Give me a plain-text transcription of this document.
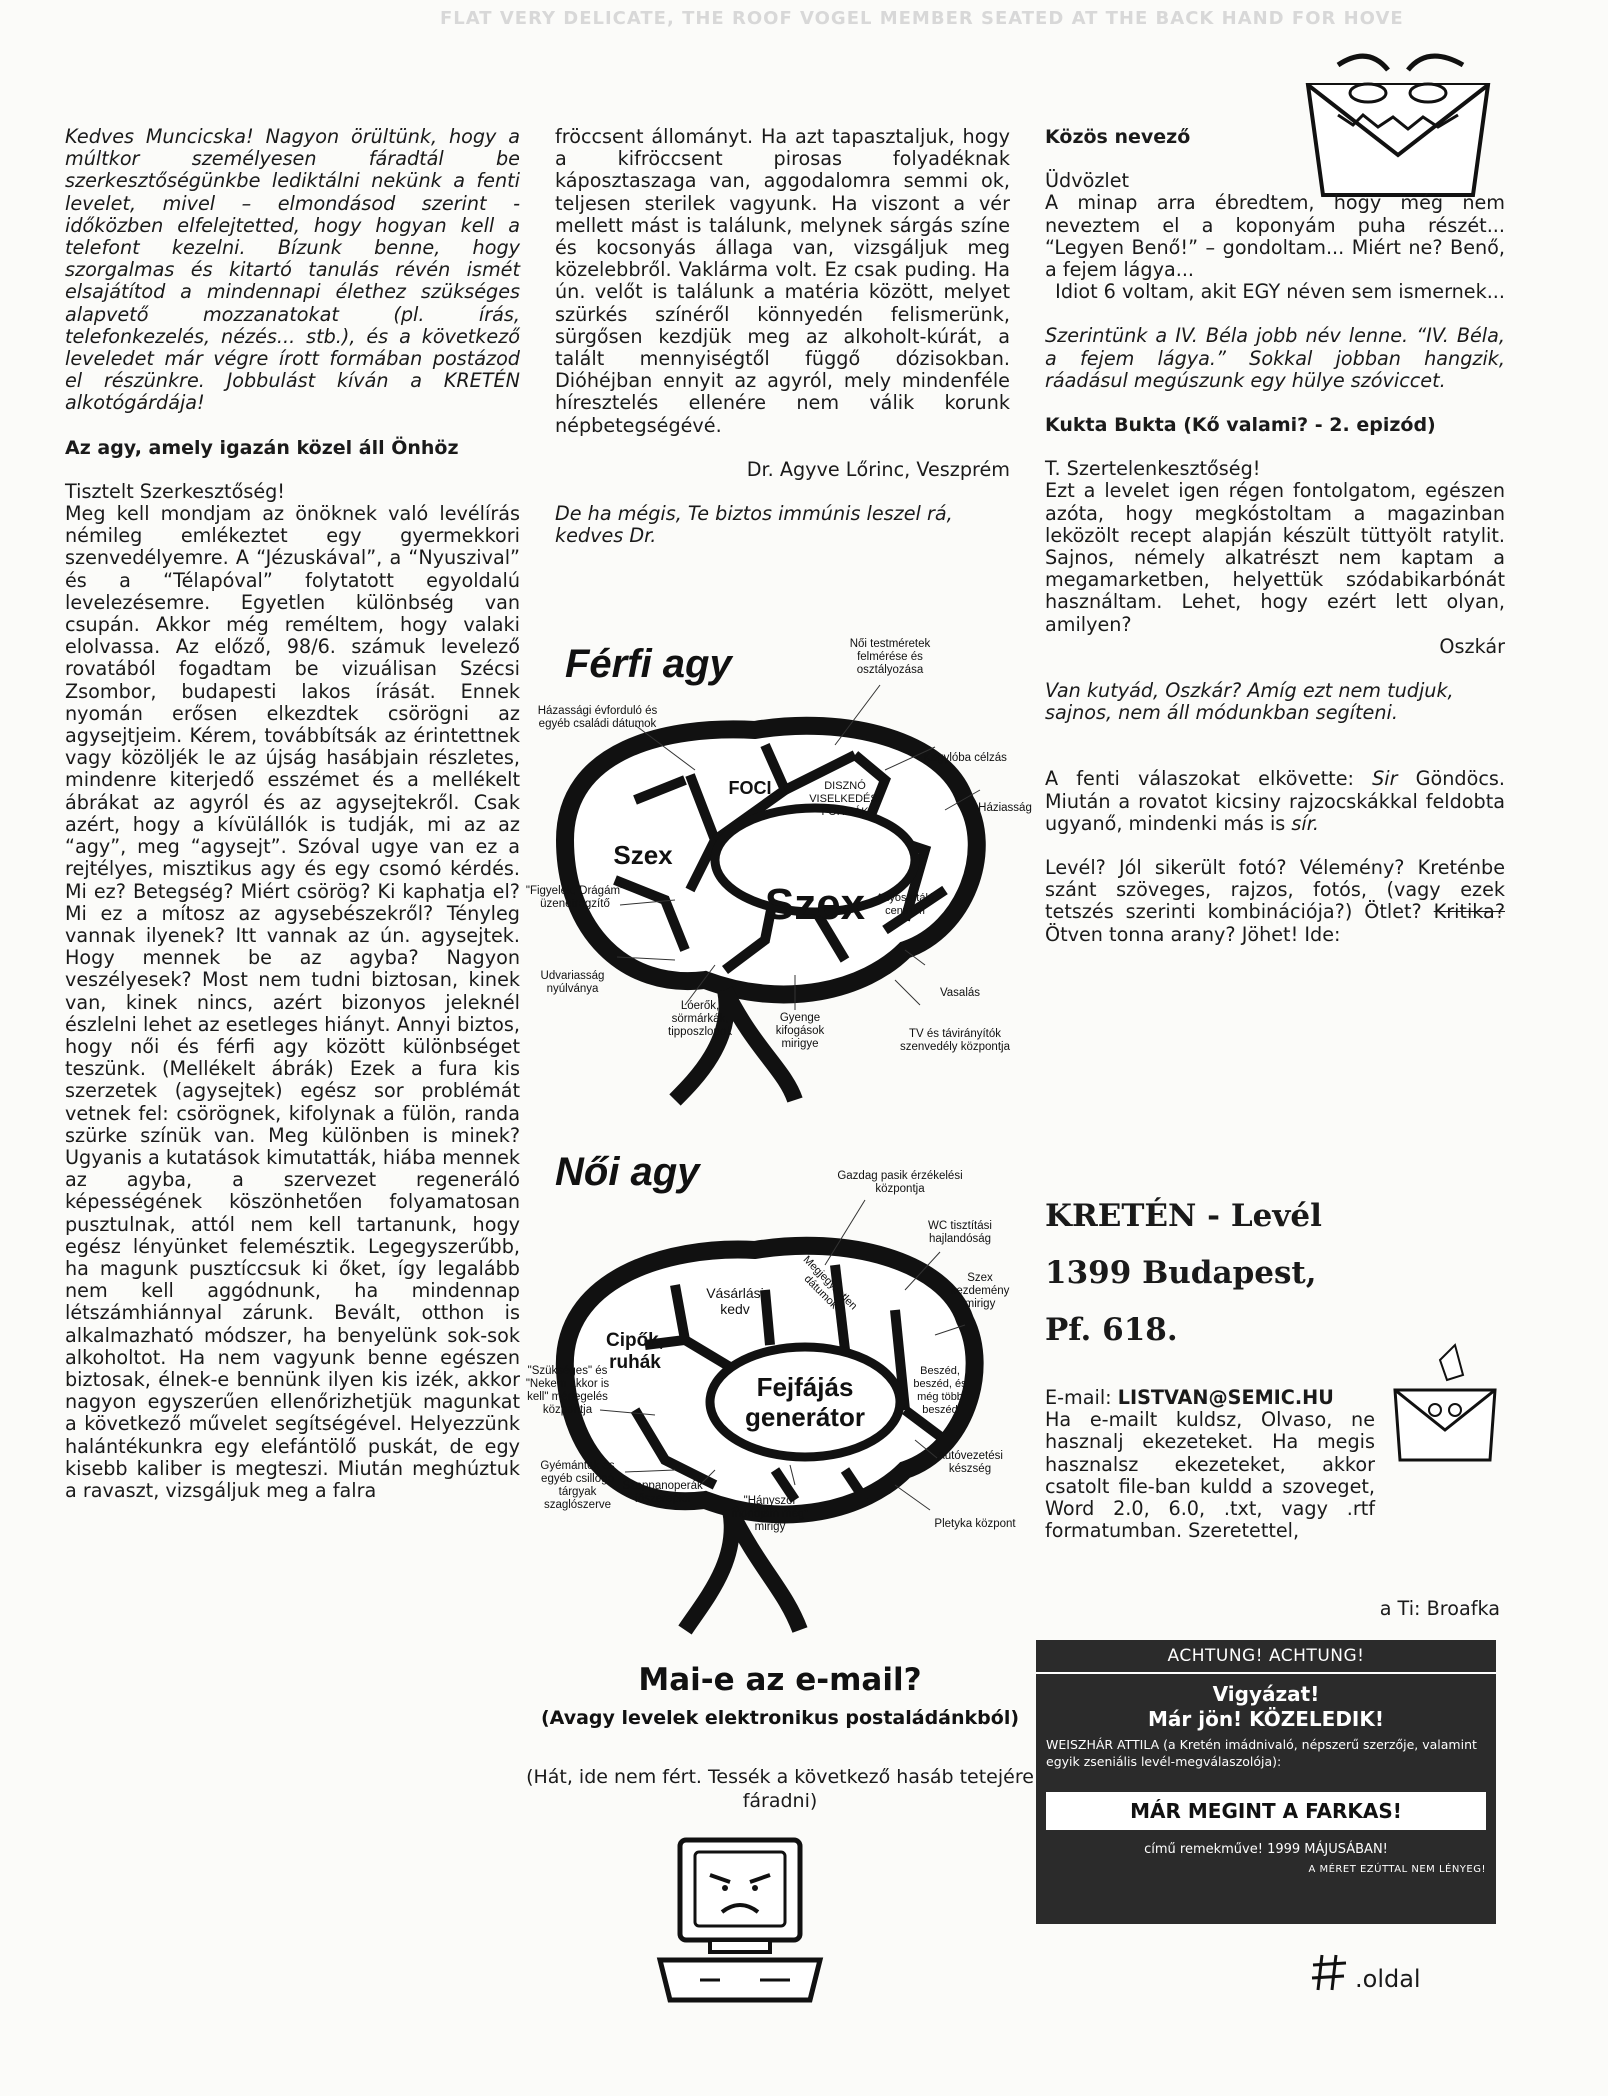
FLAT VERY DELICATE, THE ROOF VOGEL MEMBER SEATED AT THE BACK HAND FOR HOVE

Kedves Muncicska! Nagyon örültünk, hogy a múltkor személyesen fáradtál be szerkesztőségünkbe lediktálni nekünk a fenti levelet, mivel – elmondásod szerint - időközben elfelejtetted, hogy hogyan kell a telefont kezelni. Bízunk benne, hogy szorgalmas és kitartó tanulás révén ismét elsajátítod a mindennapi élethez szükséges alapvető mozzanatokat (pl. írás, telefonkezelés, nézés... stb.), és a következő leveledet már végre írott formában postázod el részünkre. Jobbulást kíván a KRETÉN alkotógárdája!

Az agy, amely igazán közel áll Önhöz

Tisztelt Szerkesztőség!

Meg kell mondjam az önöknek való levélírás némileg emlékeztet egy gyermekkori szenvedélyemre. A “Jézuskával”, a “Nyuszival” és a “Télapóval” folytatott egyoldalú levelezésemre. Egyetlen különbség van csupán. Akkor még reméltem, hogy valaki elolvassa. Az előző, 98/6. számuk levelező rovatából fogadtam be vizuálisan Szécsi Zsombor, budapesti lakos írását. Ennek nyomán erősen elkezdtek csörögni az agysejtjeim. Kérem, továbbítsák az érintettnek vagy közöljék le az újság hasábjain részletes, mindenre kiterjedő esszémet és a mellékelt ábrákat az agyról és az agysejtekről. Csak azért, hogy a kívülállók is tudják, mi az az “agy”, meg “agysejt”. Szóval ugye van ez a rejtélyes, misztikus agy és egy csomó kérdés. Mi ez? Betegség? Miért csörög? Ki kaphatja el? Mi ez a mítosz az agysebészekről? Tényleg vannak ilyenek? Itt vannak az ún. agysejtek. Hogy mennek be az agyba? Nagyon veszélyesek? Most nem tudni biztosan, kinek van, kinek nincs, azért bizonyos jeleknél észlelni lehet az esetleges hiányt. Annyi biztos, hogy női és férfi agy között különbséget teszünk. (Mellékelt ábrák) Ezek a fura kis szerzetek (agysejtek) egész sor problémát vetnek fel: csörögnek, kifolynak a fülön, randa szürke színük van. Meg különben is minek? Ugyanis a kutatások kimutatták, hiába mennek az agyba, a szervezet regeneráló képességének köszönhetően folyamatosan pusztulnak, attól nem kell tartanunk, hogy egész lényünket felemésztik. Legegyszerűbb, ha magunk pusztíccsuk ki őket, így legalább nem kell aggódnunk, ha mindennap létszámhiánnyal zárunk. Bevált, otthon is alkalmazható módszer, ha benyelünk sok-sok alkoholtot. Ha nem vagyunk benne egészen biztosak, élnek-e bennünk ilyen kis izék, akkor nagyon egyszerűen ellenőrizhetjük magunkat a következő művelet segítségével. Helyezzünk halántékunkra egy elefántölő puskát, de egy kisebb kaliber is megteszi. Miután meghúztuk a ravaszt, vizsgáljuk meg a falra

fröccsent állományt. Ha azt tapasztaljuk, hogy a kifröccsent pirosas folyadéknak káposztaszaga van, aggodalomra semmi ok, teljesen sterilek vagyunk. Ha viszont a vér mellett mást is találunk, melynek sárgás színe és kocsonyás állaga van, vizsgáljuk meg közelebbről. Vaklárma volt. Ez csak puding. Ha ún. velőt is találunk a matéria között, melyet szürkés színéről könnyedén felismerünk, sürgősen kezdjük meg az alkoholt-kúrát, a talált mennyiségtől függő dózisokban. Dióhéjban ennyit az agyról, mely mindenféle híresztelés ellenére nem válik korunk népbetegségévé.

Dr. Agyve Lőrinc, Veszprém

De ha mégis, Te biztos immúnis leszel rá, kedves Dr.

Férfi agy
FOCI	DISZNÓ VISELKEDÉSI FORMÁK
Szex
Szex Anyós-utáló centrum
Házassági évforduló és egyéb családi dátumok
Női testméretek felmérése és osztályozása
Kagylóba célzás
Háziasság
"Figyelek, Drágám" üzenetrogzítő
Udvariasság nyúlványa
Lóerők, sörmárkák, tipposzlopok
Gyenge kifogások mirigye
Vasalás
TV és távirányítók szenvedély központja
Női agy
Vásárlási kedv	Megjegyzetlen dátumok
Cipők, ruhák
Fejfájás generátor
Beszéd, beszéd, és még több beszéd
Gazdag pasik érzékelési központja
WC tisztítási hajlandóság
Szex kezdemény mirigy
"Szükséges" és "Nekem akkor is kell" mérlegelés központja
Gyémántok és egyéb csillogó tárgyak szaglószerve
Szappanoperák főszereplői	"Hányszor mondjam még" mirigy
Autóvezetési készség
Pletyka központ
Mai-e az e-mail?
(Avagy levelek elektronikus postaládánkból)
(Hát, ide nem fért. Tessék a következő hasáb tetejére fáradni)

Közös nevező

Üdvözlet

A minap arra ébredtem, hogy még nem neveztem el a koponyám puha részét... “Legyen Benő!” – gondoltam... Miért ne? Benő, a fejem lágya...

Idiot 6 voltam, akit EGY néven sem ismernek...

Szerintünk a IV. Béla jobb név lenne. “IV. Béla, a fejem lágya.” Sokkal jobban hangzik, ráadásul megúszunk egy hülye szóviccet.

Kukta Bukta (Kő valami? - 2. epizód)

T. Szertelenkesztőség!

Ezt a levelet igen régen fontolgatom, egészen azóta, hogy megkóstoltam a magazinban leközölt recept alapján készült tüttyölt ratylit. Sajnos, némely alkatrészt nem kaptam a megamarketben, helyettük szódabikarbónát használtam. Lehet, hogy ezért lett olyan, amilyen?

Oszkár

Van kutyád, Oszkár? Amíg ezt nem tudjuk, sajnos, nem áll módunkban segíteni.

A fenti válaszokat elkövette: Sir Göndöcs. Miután a rovatot kicsiny rajzocskákkal feldobta ugyanő, mindenki más is sír.

Levél? Jól sikerült fotó? Vélemény? Kreténbe szánt szöveges, rajzos, fotós, (vagy ezek tetszés szerinti kombinációja?) Ötlet? Kritika? Ötven tonna arany? Jöhet! Ide:

KRETÉN - Levél
1399 Budapest,
Pf. 618.

E-mail: LISTVAN@SEMIC.HU

Ha e-mailt kuldsz, Olvaso, ne hasznalj ekezeteket. Ha megis hasznalsz ekezeteket, akkor csatolt file-ban kuldd a szoveget, Word 2.0, 6.0, .txt, vagy .rtf formatumban. Szeretettel,

a Ti: Broafka
ACHTUNG! ACHTUNG!
Vigyázat!
Már jön! KÖZELEDIK!
WEISZHÁR ATTILA (a Kretén imádnivaló, népszerű szerzője, valamint egyik zseniális levél-megválaszolója):
MÁR MEGINT A FARKAS!
című remekműve! 1999 MÁJUSÁBAN!
A MÉRET EZÚTTAL NEM LÉNYEG!
.oldal
